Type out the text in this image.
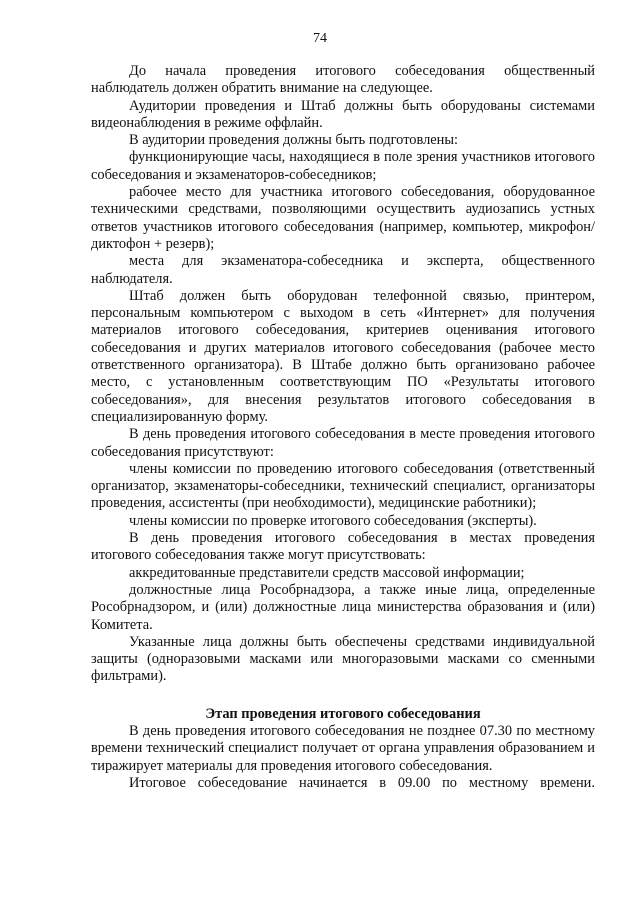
74

До начала проведения итогового собеседования общественный наблюдатель должен обратить внимание на следующее.

Аудитории проведения и Штаб должны быть оборудованы системами видеонаблюдения в режиме оффлайн.

В аудитории проведения должны быть подготовлены:

функционирующие часы, находящиеся в поле зрения участников итогового собеседования и экзаменаторов-собеседников;

рабочее место для участника итогового собеседования, оборудованное техническими средствами, позволяющими осуществить аудиозапись устных ответов участников итогового собеседования (например, компьютер, микрофон/диктофон + резерв);

места для экзаменатора-собеседника и эксперта, общественного наблюдателя.

Штаб должен быть оборудован телефонной связью, принтером, персональным компьютером с выходом в сеть «Интернет» для получения материалов итогового собеседования, критериев оценивания итогового собеседования и других материалов итогового собеседования (рабочее место ответственного организатора). В Штабе должно быть организовано рабочее место, с установленным соответствующим ПО «Результаты итогового собеседования», для внесения результатов итогового собеседования в специализированную форму.

В день проведения итогового собеседования в месте проведения итогового собеседования присутствуют:

члены комиссии по проведению итогового собеседования (ответственный организатор, экзаменаторы-собеседники, технический специалист, организаторы проведения, ассистенты (при необходимости), медицинские работники);

члены комиссии по проверке итогового собеседования (эксперты).

В день проведения итогового собеседования в местах проведения итогового собеседования также могут присутствовать:

аккредитованные представители средств массовой информации;

должностные лица Рособрнадзора, а также иные лица, определенные Рособрнадзором, и (или) должностные лица министерства образования и (или) Комитета.

Указанные лица должны быть обеспечены средствами индивидуальной защиты (одноразовыми масками или многоразовыми масками со сменными фильтрами).

Этап проведения итогового собеседования

В день проведения итогового собеседования не позднее 07.30 по местному времени технический специалист получает от органа управления образованием и тиражирует материалы для проведения итогового собеседования.

Итоговое собеседование начинается в 09.00 по местному времени.
